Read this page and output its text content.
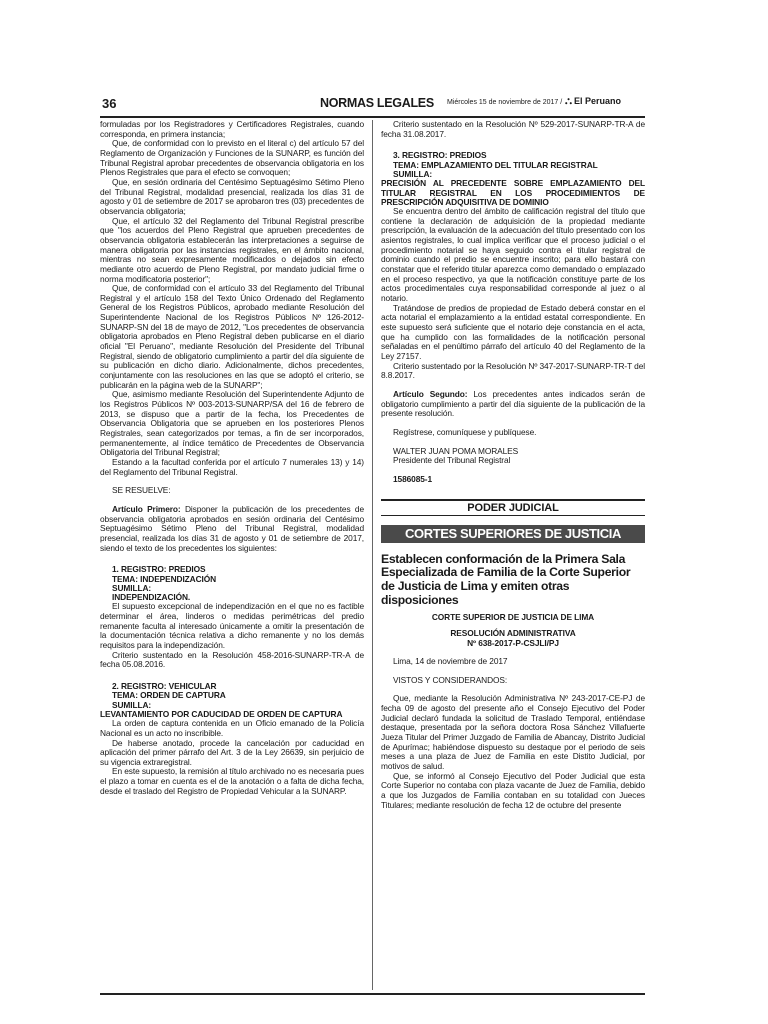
36	NORMAS LEGALES Miércoles 15 de noviembre de 2017 / ⛬ El Peruano

formuladas por los Registradores y Certificadores Registrales, cuando corresponda, en primera instancia;

Que, de conformidad con lo previsto en el literal c) del artículo 57 del Reglamento de Organización y Funciones de la SUNARP, es función del Tribunal Registral aprobar precedentes de observancia obligatoria en los Plenos Registrales que para el efecto se convoquen;

Que, en sesión ordinaria del Centésimo Septuagésimo Sétimo Pleno del Tribunal Registral, modalidad presencial, realizada los días 31 de agosto y 01 de setiembre de 2017 se aprobaron tres (03) precedentes de observancia obligatoria;

Que, el artículo 32 del Reglamento del Tribunal Registral prescribe que "los acuerdos del Pleno Registral que aprueben precedentes de observancia obligatoria establecerán las interpretaciones a seguirse de manera obligatoria por las instancias registrales, en el ámbito nacional, mientras no sean expresamente modificados o dejados sin efecto mediante otro acuerdo de Pleno Registral, por mandato judicial firme o norma modificatoria posterior";

Que, de conformidad con el artículo 33 del Reglamento del Tribunal Registral y el artículo 158 del Texto Único Ordenado del Reglamento General de los Registros Públicos, aprobado mediante Resolución del Superintendente Nacional de los Registros Públicos Nº 126-2012-SUNARP-SN del 18 de mayo de 2012, "Los precedentes de observancia obligatoria aprobados en Pleno Registral deben publicarse en el diario oficial "El Peruano", mediante Resolución del Presidente del Tribunal Registral, siendo de obligatorio cumplimiento a partir del día siguiente de su publicación en dicho diario. Adicionalmente, dichos precedentes, conjuntamente con las resoluciones en las que se adoptó el criterio, se publicarán en la página web de la SUNARP";

Que, asimismo mediante Resolución del Superintendente Adjunto de los Registros Públicos Nº 003-2013-SUNARP/SA del 16 de febrero de 2013, se dispuso que a partir de la fecha, los Precedentes de Observancia Obligatoria que se aprueben en los posteriores Plenos Registrales, sean categorizados por temas, a fin de ser incorporados, permanentemente, al índice temático de Precedentes de Observancia Obligatoria del Tribunal Registral;

Estando a la facultad conferida por el artículo 7 numerales 13) y 14) del Reglamento del Tribunal Registral.

SE RESUELVE:

Artículo Primero: Disponer la publicación de los precedentes de observancia obligatoria aprobados en sesión ordinaria del Centésimo Septuagésimo Sétimo Pleno del Tribunal Registral, modalidad presencial, realizada los días 31 de agosto y 01 de setiembre de 2017, siendo el texto de los precedentes los siguientes:

1. REGISTRO: PREDIOS
TEMA: INDEPENDIZACIÓN
SUMILLA:
INDEPENDIZACIÓN.

El supuesto excepcional de independización en el que no es factible determinar el área, linderos o medidas perimétricas del predio remanente faculta al interesado únicamente a omitir la presentación de la documentación técnica relativa a dicho remanente y no los demás requisitos para la independización.

Criterio sustentado en la Resolución 458-2016-SUNARP-TR-A de fecha 05.08.2016.

2. REGISTRO: VEHICULAR
TEMA: ORDEN DE CAPTURA
SUMILLA:
LEVANTAMIENTO POR CADUCIDAD DE ORDEN DE CAPTURA

La orden de captura contenida en un Oficio emanado de la Policía Nacional es un acto no inscribible.

De haberse anotado, procede la cancelación por caducidad en aplicación del primer párrafo del Art. 3 de la Ley 26639, sin perjuicio de su vigencia extraregistral.

En este supuesto, la remisión al título archivado no es necesaria pues el plazo a tomar en cuenta es el de la anotación o a falta de dicha fecha, desde el traslado del Registro de Propiedad Vehicular a la SUNARP.

Criterio sustentado en la Resolución Nº 529-2017-SUNARP-TR-A de fecha 31.08.2017.

3. REGISTRO: PREDIOS
TEMA: EMPLAZAMIENTO DEL TITULAR REGISTRAL
SUMILLA:
PRECISIÓN AL PRECEDENTE SOBRE EMPLAZAMIENTO DEL TITULAR REGISTRAL EN LOS PROCEDIMIENTOS DE PRESCRIPCIÓN ADQUISITIVA DE DOMINIO

Se encuentra dentro del ámbito de calificación registral del título que contiene la declaración de adquisición de la propiedad mediante prescripción, la evaluación de la adecuación del título presentado con los asientos registrales, lo cual implica verificar que el proceso judicial o el procedimiento notarial se haya seguido contra el titular registral de dominio cuando el predio se encuentre inscrito; para ello bastará con constatar que el referido titular aparezca como demandado o emplazado en el proceso respectivo, ya que la notificación constituye parte de los actos procedimentales cuya responsabilidad corresponde al juez o al notario.

Tratándose de predios de propiedad de Estado deberá constar en el acta notarial el emplazamiento a la entidad estatal correspondiente. En este supuesto será suficiente que el notario deje constancia en el acta, que ha cumplido con las formalidades de la notificación personal señaladas en el penúltimo párrafo del artículo 40 del Reglamento de la Ley 27157.

Criterio sustentado por la Resolución Nº 347-2017-SUNARP-TR-T del 8.8.2017.

Artículo Segundo: Los precedentes antes indicados serán de obligatorio cumplimiento a partir del día siguiente de la publicación de la presente resolución.

Regístrese, comuníquese y publíquese.

WALTER JUAN POMA MORALES

Presidente del Tribunal Registral

1586085-1

PODER JUDICIAL
CORTES SUPERIORES DE JUSTICIA
Establecen conformación de la Primera Sala Especializada de Familia de la Corte Superior de Justicia de Lima y emiten otras disposiciones

CORTE SUPERIOR DE JUSTICIA DE LIMA

RESOLUCIÓN ADMINISTRATIVA

Nº 638-2017-P-CSJLI/PJ

Lima, 14 de noviembre de 2017

VISTOS Y CONSIDERANDOS:

Que, mediante la Resolución Administrativa Nº 243-2017-CE-PJ de fecha 09 de agosto del presente año el Consejo Ejecutivo del Poder Judicial declaró fundada la solicitud de Traslado Temporal, entiéndase destaque, presentada por la señora doctora Rosa Sánchez Villafuerte Jueza Titular del Primer Juzgado de Familia de Abancay, Distrito Judicial de Apurímac; habiéndose dispuesto su destaque por el periodo de seis meses a una plaza de Juez de Familia en este Distito Judicial, por motivos de salud.

Que, se informó al Consejo Ejecutivo del Poder Judicial que esta Corte Superior no contaba con plaza vacante de Juez de Familia, debido a que los Juzgados de Familia contaban en su totalidad con Jueces Titulares; mediante resolución de fecha 12 de octubre del presente
